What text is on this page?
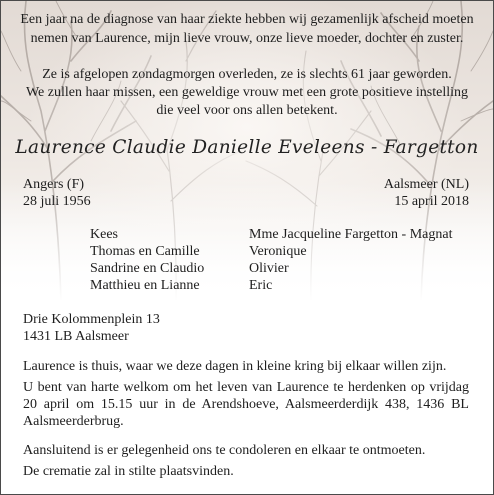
Een jaar na de diagnose van haar ziekte hebben wij gezamenlijk afscheid moeten
nemen van Laurence, mijn lieve vrouw, onze lieve moeder, dochter en zuster.
Ze is afgelopen zondagmorgen overleden, ze is slechts 61 jaar geworden.
We zullen haar missen, een geweldige vrouw met een grote positieve instelling
die veel voor ons allen betekent.
Laurence Claudie Danielle Eveleens - Fargetton
Angers (F)
28 juli 1956
Aalsmeer (NL)
15 april 2018
Kees
Thomas en Camille
Sandrine en Claudio
Matthieu en Lianne
Mme Jacqueline Fargetton - Magnat
Veronique
Olivier
Eric
Drie Kolommenplein 13
1431 LB Aalsmeer
Laurence is thuis, waar we deze dagen in kleine kring bij elkaar willen zijn.
U bent van harte welkom om het leven van Laurence te herdenken op vrijdag 20 april om 15.15 uur in de Arendshoeve, Aalsmeerderdijk 438, 1436 BL Aalsmeerderbrug.
Aansluitend is er gelegenheid ons te condoleren en elkaar te ontmoeten.
De crematie zal in stilte plaatsvinden.
